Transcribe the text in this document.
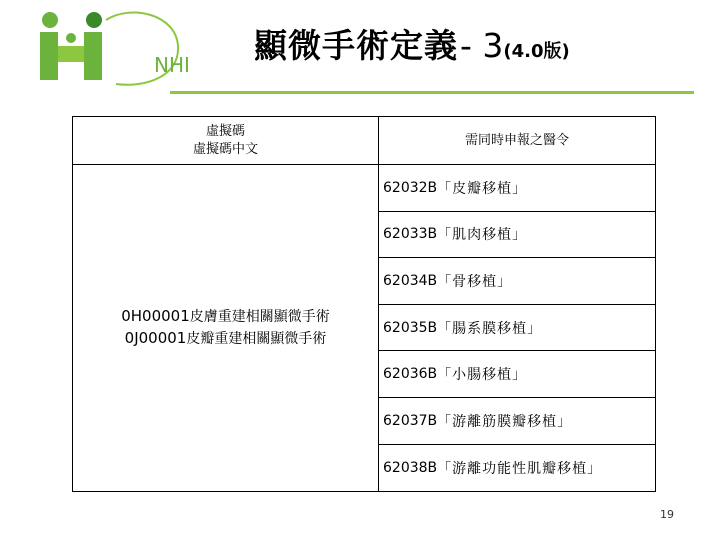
NHI 顯微手術定義 - 3 (4.0 版 )
虛擬碼
虛擬碼中文
需同時申報之醫令
0H00001皮膚重建相關顯微手術
0J00001皮瓣重建相關顯微手術
62032B 「皮瓣移植」
62033B 「肌肉移植」
62034B 「骨移植」
62035B 「腸系膜移植」
62036B 「小腸移植」
62037B 「游離筋膜瓣移植」
62038B 「游離功能性肌瓣移植」
19
